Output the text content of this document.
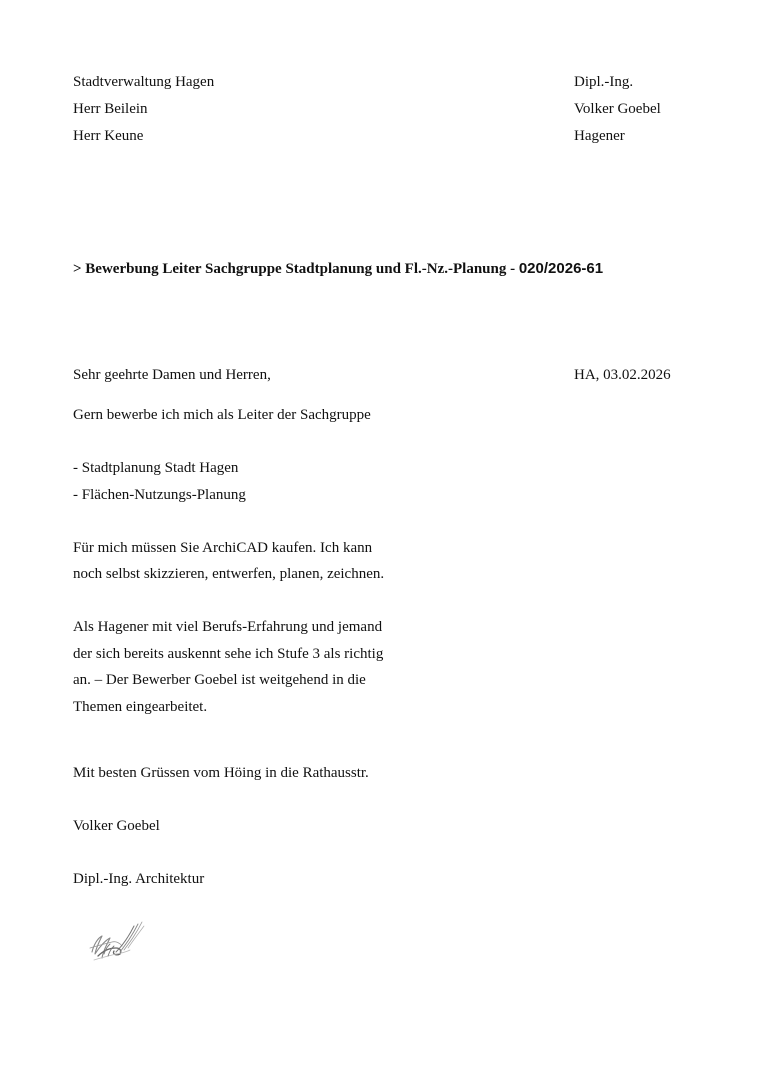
Stadtverwaltung Hagen
Herr Beilein
Herr Keune
Dipl.-Ing.
Volker Goebel
Hagener
> Bewerbung Leiter Sachgruppe Stadtplanung und Fl.-Nz.-Planung - 020/2026-61
Sehr geehrte Damen und Herren,	HA, 03.02.2026
Gern bewerbe ich mich als Leiter der Sachgruppe
- Stadtplanung Stadt Hagen
- Flächen-Nutzungs-Planung
Für mich müssen Sie ArchiCAD kaufen. Ich kann
noch selbst skizzieren, entwerfen, planen, zeichnen.
Als Hagener mit viel Berufs-Erfahrung und jemand
der sich bereits auskennt sehe ich Stufe 3 als richtig
an. – Der Bewerber Goebel ist weitgehend in die
Themen eingearbeitet.
Mit besten Grüssen vom Höing in die Rathausstr.
Volker Goebel
Dipl.-Ing. Architektur
